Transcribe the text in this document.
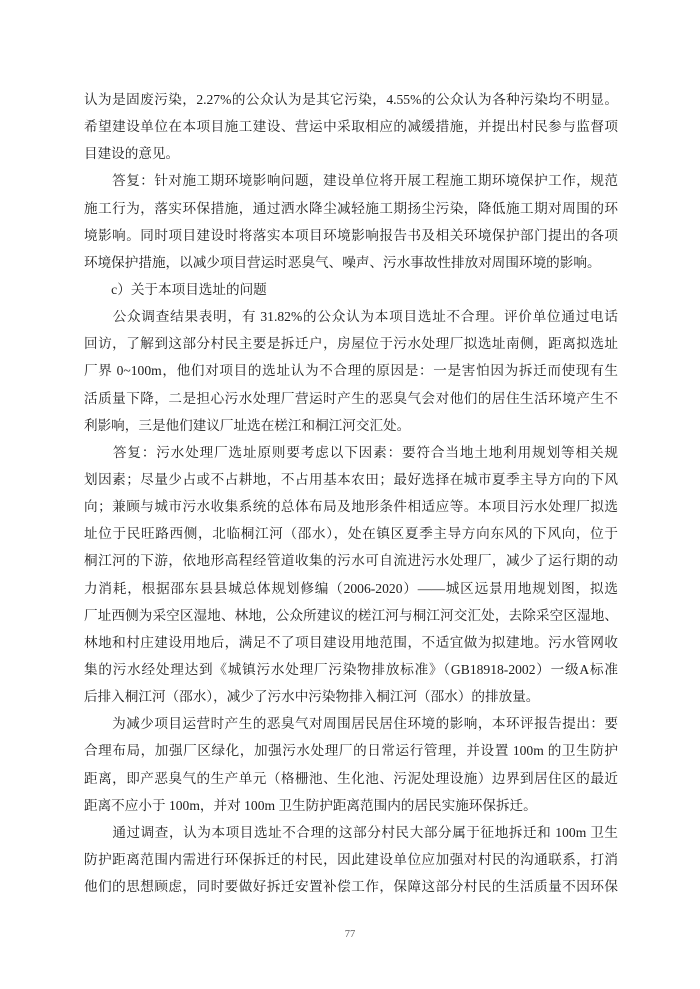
认为是固废污染，2.27%的公众认为是其它污染，4.55%的公众认为各种污染均不明显。
希望建设单位在本项目施工建设、营运中采取相应的减缓措施，并提出村民参与监督项
目建设的意见。
　　答复：针对施工期环境影响问题，建设单位将开展工程施工期环境保护工作，规范
施工行为，落实环保措施，通过洒水降尘减轻施工期扬尘污染，降低施工期对周围的环
境影响。同时项目建设时将落实本项目环境影响报告书及相关环境保护部门提出的各项
环境保护措施，以减少项目营运时恶臭气、噪声、污水事故性排放对周围环境的影响。
　　c）关于本项目选址的问题
　　公众调查结果表明，有 31.82%的公众认为本项目选址不合理。评价单位通过电话
回访，了解到这部分村民主要是拆迁户，房屋位于污水处理厂拟选址南侧，距离拟选址
厂界 0~100m，他们对项目的选址认为不合理的原因是：一是害怕因为拆迁而使现有生
活质量下降，二是担心污水处理厂营运时产生的恶臭气会对他们的居住生活环境产生不
利影响，三是他们建议厂址选在槎江和桐江河交汇处。
　　答复：污水处理厂选址原则要考虑以下因素：要符合当地土地利用规划等相关规
划因素；尽量少占或不占耕地，不占用基本农田；最好选择在城市夏季主导方向的下风
向；兼顾与城市污水收集系统的总体布局及地形条件相适应等。本项目污水处理厂拟选
址位于民旺路西侧，北临桐江河（邵水），处在镇区夏季主导方向东风的下风向，位于
桐江河的下游，依地形高程经管道收集的污水可自流进污水处理厂，减少了运行期的动
力消耗，根据邵东县县城总体规划修编（2006-2020）——城区远景用地规划图，拟选
厂址西侧为采空区湿地、林地，公众所建议的槎江河与桐江河交汇处，去除采空区湿地、
林地和村庄建设用地后，满足不了项目建设用地范围，不适宜做为拟建地。污水管网收
集的污水经处理达到《城镇污水处理厂污染物排放标准》（GB18918-2002）一级A标准
后排入桐江河（邵水），减少了污水中污染物排入桐江河（邵水）的排放量。
　　为减少项目运营时产生的恶臭气对周围居民居住环境的影响，本环评报告提出：要
合理布局，加强厂区绿化，加强污水处理厂的日常运行管理，并设置 100m 的卫生防护
距离，即产恶臭气的生产单元（格栅池、生化池、污泥处理设施）边界到居住区的最近
距离不应小于 100m，并对 100m 卫生防护距离范围内的居民实施环保拆迁。
　　通过调查，认为本项目选址不合理的这部分村民大部分属于征地拆迁和 100m 卫生
防护距离范围内需进行环保拆迁的村民，因此建设单位应加强对村民的沟通联系，打消
他们的思想顾虑，同时要做好拆迁安置补偿工作，保障这部分村民的生活质量不因环保
77
